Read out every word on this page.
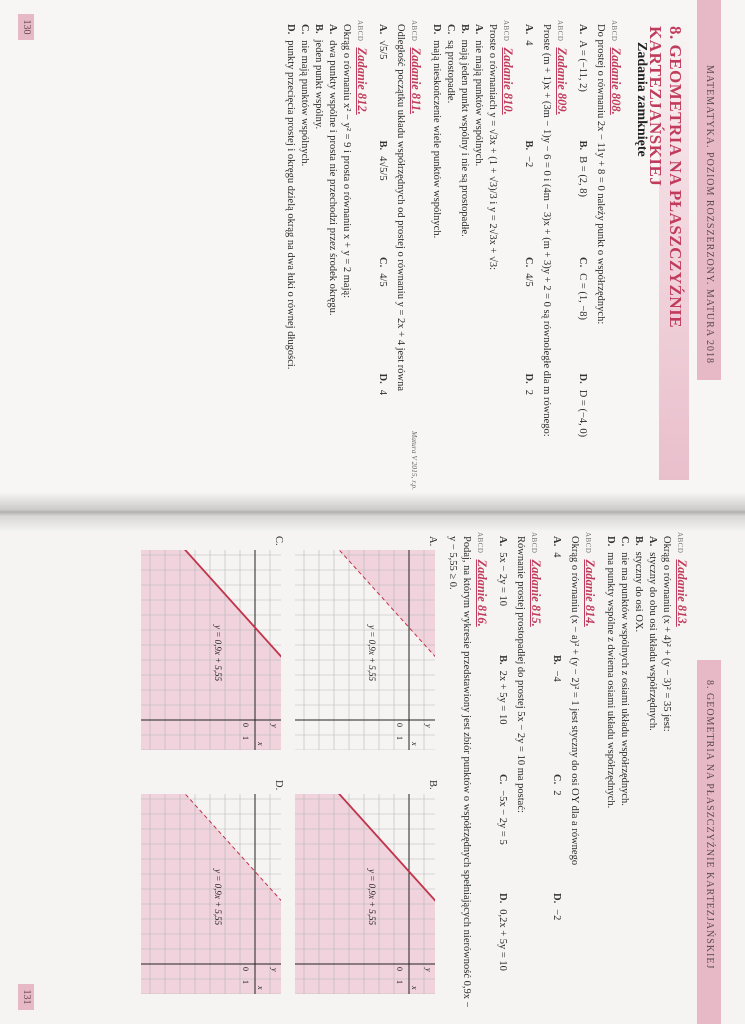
MATEMATYKA. POZIOM ROZSZERZONY. MATURA 2018
8. GEOMETRIA NA PŁASZCZYŹNIE KARTEZJAŃSKIEJ
Zadania zamknięte
ABCD
Zadanie 808.
Do prostej o równaniu 2x − 11y + 8 = 0 należy punkt o współrzędnych:
A.A = (−11, 2)
B.B = (2, 8)
C.C = (1, −8)
D.D = (−4, 0)
ABCD
Zadanie 809.
Proste (m + 1)x + (3m − 1)y − 6 = 0 i (4m − 3)x + (m + 3)y + 2 = 0 są równoległe dla m równego:
A.4
B.−2
C.4/5
D.2
ABCD
Zadanie 810.
Proste o równaniach y = √3x + (1 + √3)/3 i y = 2√3x + √3:
A.nie mają punktów wspólnych.
B.mają jeden punkt wspólny i nie są prostopadłe.
C.są prostopadłe.
D.mają nieskończenie wiele punktów wspólnych.
ABCD
Zadanie 811.
Matura V 2015, r.p.
Odległość początku układu współrzędnych od prostej o równaniu y = 2x + 4 jest równa
A.√5/5
B.4√5/5
C.4/5
D.4
ABCD
Zadanie 812.
Okrąg o równaniu x² − y² = 9 i prosta o równaniu x + y = 2 mają:
A.dwa punkty wspólne i prosta nie przechodzi przez środek okręgu.
B.jeden punkt wspólny.
C.nie mają punktów wspólnych.
D.punkty przecięcia prostej i okręgu dzielą okrąg na dwa łuki o równej długości.
130
8. GEOMETRIA NA PŁASZCZYŹNIE KARTEZJAŃSKIEJ
ABCD
Zadanie 813.
Okrąg o równaniu (x + 4)² + (y − 3)² = 35 jest:
A.styczny do obu osi układu współrzędnych.
B.styczny do osi OX.
C.nie ma punktów wspólnych z osiami układu współrzędnych.
D.ma punkty wspólne z dwiema osiami układu współrzędnych.
ABCD
Zadanie 814.
Okrąg o równaniu (x − a)² + (y − 2)² = 1 jest styczny do osi OY dla a równego
A.4
B.−4
C.2
D.−2
ABCD
Zadanie 815.
Równanie prostej prostopadłej do prostej 5x − 2y = 10 ma postać:
A.5x − 2y = 10
B.2x + 5y = 10
C.−5x − 2y = 5
D.0,2x + 5y = 10
ABCD
Zadanie 816.
Podaj, na którym wykresie przedstawiony jest zbiór punktów o współrzędnych spełniających nierówność 0,9x − y − 5,55 ≥ 0.
A.
y = 0,9x + 5,55
0
x
y
1
B.
y = 0,9x + 5,55
0
x
y
1
C.
y = 0,9x + 5,55
0
x
y
1
D.
y = 0,9x + 5,55
0
x
y
1
131
